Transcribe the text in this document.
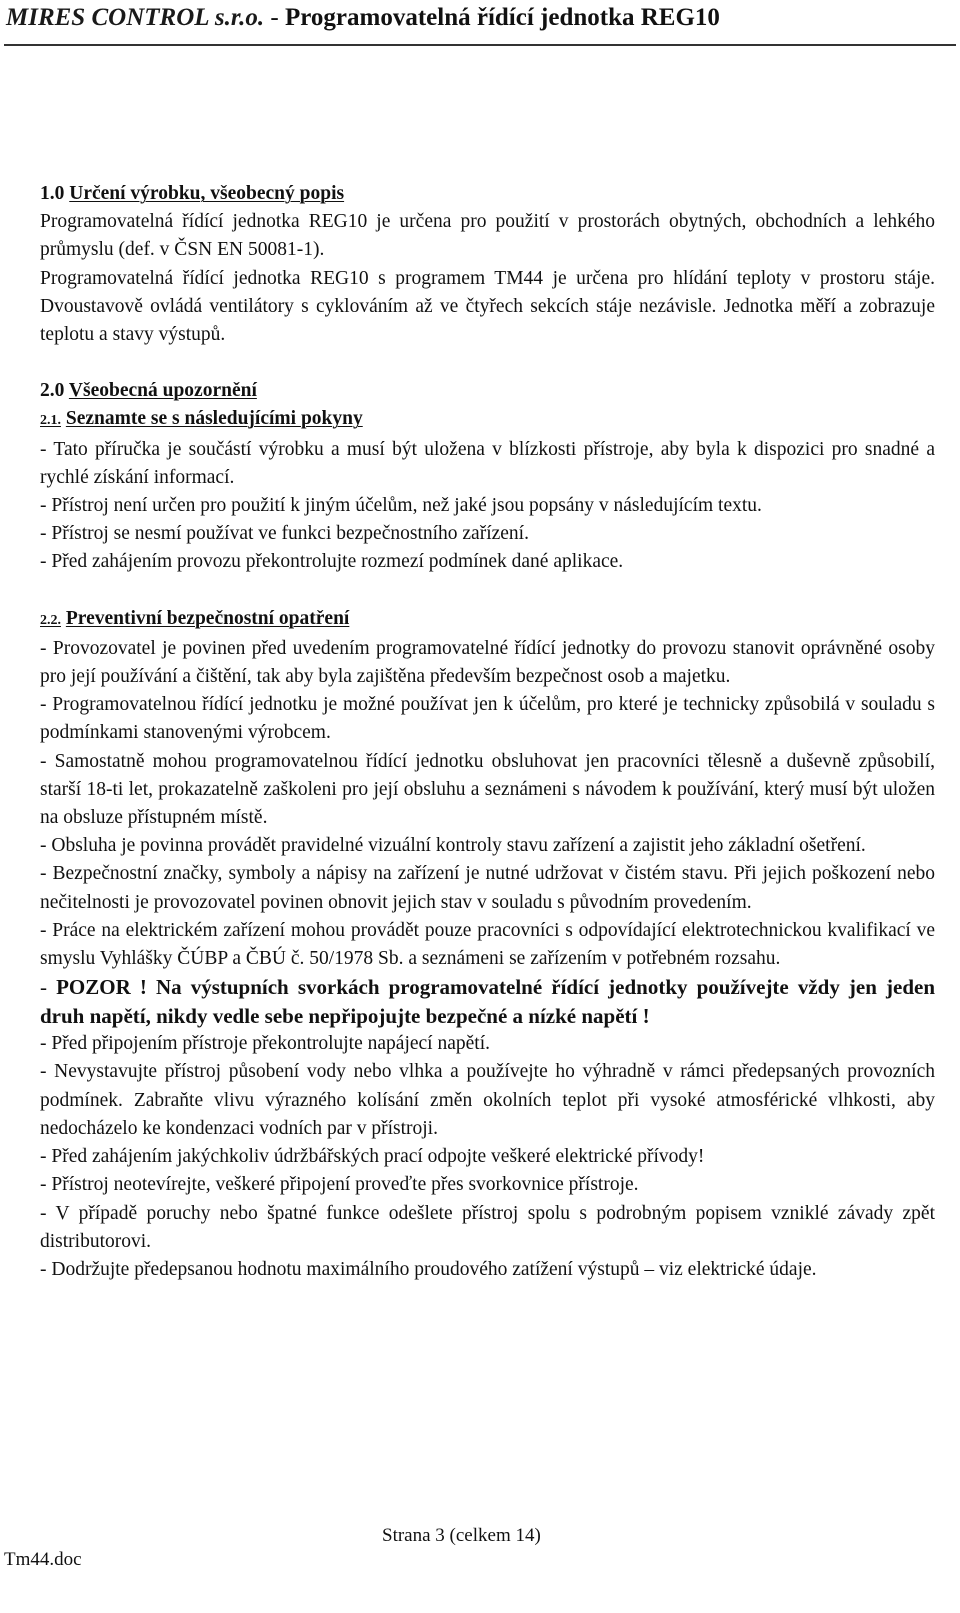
MIRES CONTROL s.r.o. - Programovatelná řídící jednotka REG10

1.0 Určení výrobku, všeobecný popis

Programovatelná řídící jednotka REG10 je určena pro použití v prostorách obytných, obchodních a lehkého průmyslu (def. v ČSN EN 50081-1).

Programovatelná řídící jednotka REG10 s programem TM44 je určena pro hlídání teploty v prostoru stáje. Dvoustavově ovládá ventilátory s cyklováním až ve čtyřech sekcích stáje nezávisle. Jednotka měří a zobrazuje teplotu a stavy výstupů.

2.0 Všeobecná upozornění

2.1. Seznamte se s následujícími pokyny

- Tato příručka je součástí výrobku a musí být uložena v blízkosti přístroje, aby byla k dispozici pro snadné a rychlé získání informací.

- Přístroj není určen pro použití k jiným účelům, než jaké jsou popsány v následujícím textu.

- Přístroj se nesmí používat ve funkci bezpečnostního zařízení.

- Před zahájením provozu překontrolujte rozmezí podmínek dané aplikace.

2.2. Preventivní bezpečnostní opatření

- Provozovatel je povinen před uvedením programovatelné řídící jednotky do provozu stanovit oprávněné osoby pro její používání a čištění, tak aby byla zajištěna především bezpečnost osob a majetku.

- Programovatelnou řídící jednotku je možné používat jen k účelům, pro které je technicky způsobilá v souladu s podmínkami stanovenými výrobcem.

- Samostatně mohou programovatelnou řídící jednotku obsluhovat jen pracovníci tělesně a duševně způsobilí, starší 18-ti let, prokazatelně zaškoleni pro její obsluhu a seznámeni s návodem k používání, který musí být uložen na obsluze přístupném místě.

- Obsluha je povinna provádět pravidelné vizuální kontroly stavu zařízení a zajistit jeho základní ošetření.

- Bezpečnostní značky, symboly a nápisy na zařízení je nutné udržovat v čistém stavu. Při jejich poškození nebo nečitelnosti je provozovatel povinen obnovit jejich stav v souladu s původním provedením.

- Práce na elektrickém zařízení mohou provádět pouze pracovníci s odpovídající elektrotechnickou kvalifikací ve smyslu Vyhlášky ČÚBP a ČBÚ č. 50/1978 Sb. a seznámeni se zařízením v potřebném rozsahu.

- POZOR ! Na výstupních svorkách programovatelné řídící jednotky používejte vždy jen jeden druh napětí, nikdy vedle sebe nepřipojujte bezpečné a nízké napětí !

- Před připojením přístroje překontrolujte napájecí napětí.

- Nevystavujte přístroj působení vody nebo vlhka a používejte ho výhradně v rámci předepsaných provozních podmínek. Zabraňte vlivu výrazného kolísání změn okolních teplot při vysoké atmosférické vlhkosti, aby nedocházelo ke kondenzaci vodních par v přístroji.

- Před zahájením jakýchkoliv údržbářských prací odpojte veškeré elektrické přívody!

- Přístroj neotevírejte, veškeré připojení proveďte přes svorkovnice přístroje.

- V případě poruchy nebo špatné funkce odešlete přístroj spolu s podrobným popisem vzniklé závady zpět distributorovi.

- Dodržujte předepsanou hodnotu maximálního proudového zatížení výstupů – viz elektrické údaje.

Strana 3 (celkem 14)
Tm44.doc
